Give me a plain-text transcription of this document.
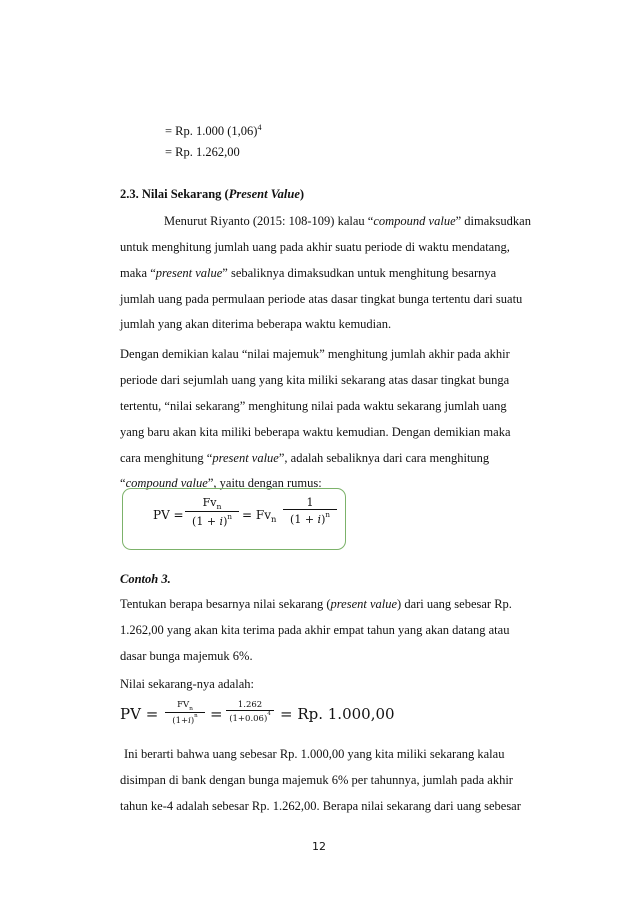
= Rp. 1.000 $(1,06)^4$
= Rp. 1.262,00
2.3. Nilai Sekarang (Present Value)
Menurut Riyanto (2015: 108-109) kalau “compound value” dimaksudkan
untuk menghitung jumlah uang pada akhir suatu periode di waktu mendatang,
maka “present value” sebaliknya dimaksudkan untuk menghitung besarnya
jumlah uang pada permulaan periode atas dasar tingkat bunga tertentu dari suatu
jumlah yang akan diterima beberapa waktu kemudian.
Dengan demikian kalau “nilai majemuk” menghitung jumlah akhir pada akhir
periode dari sejumlah uang yang kita miliki sekarang atas dasar tingkat bunga
tertentu, “nilai sekarang” menghitung nilai pada waktu sekarang jumlah uang
yang baru akan kita miliki beberapa waktu kemudian. Dengan demikian maka
cara menghitung “present value”, adalah sebaliknya dari cara menghitung
“compound value”, yaitu dengan rumus:
PV =
$Fv_n$
$(1 + i)^n = Fv_n \frac{1}{(1 + i)^n}$
Contoh 3.
Tentukan berapa besarnya nilai sekarang (present value) dari uang sebesar Rp.
1.262,00 yang akan kita terima pada akhir empat tahun yang akan datang atau
dasar bunga majemuk 6%.
Nilai sekarang-nya adalah:
PV =	$FV_n$
$(1+i)^n = \frac{1.262}{(1+0.06)^4} = Rp$. 1.000,00
Ini berarti bahwa uang sebesar Rp. 1.000,00 yang kita miliki sekarang kalau
disimpan di bank dengan bunga majemuk 6% per tahunnya, jumlah pada akhir
tahun ke-4 adalah sebesar Rp. 1.262,00. Berapa nilai sekarang dari uang sebesar
12
